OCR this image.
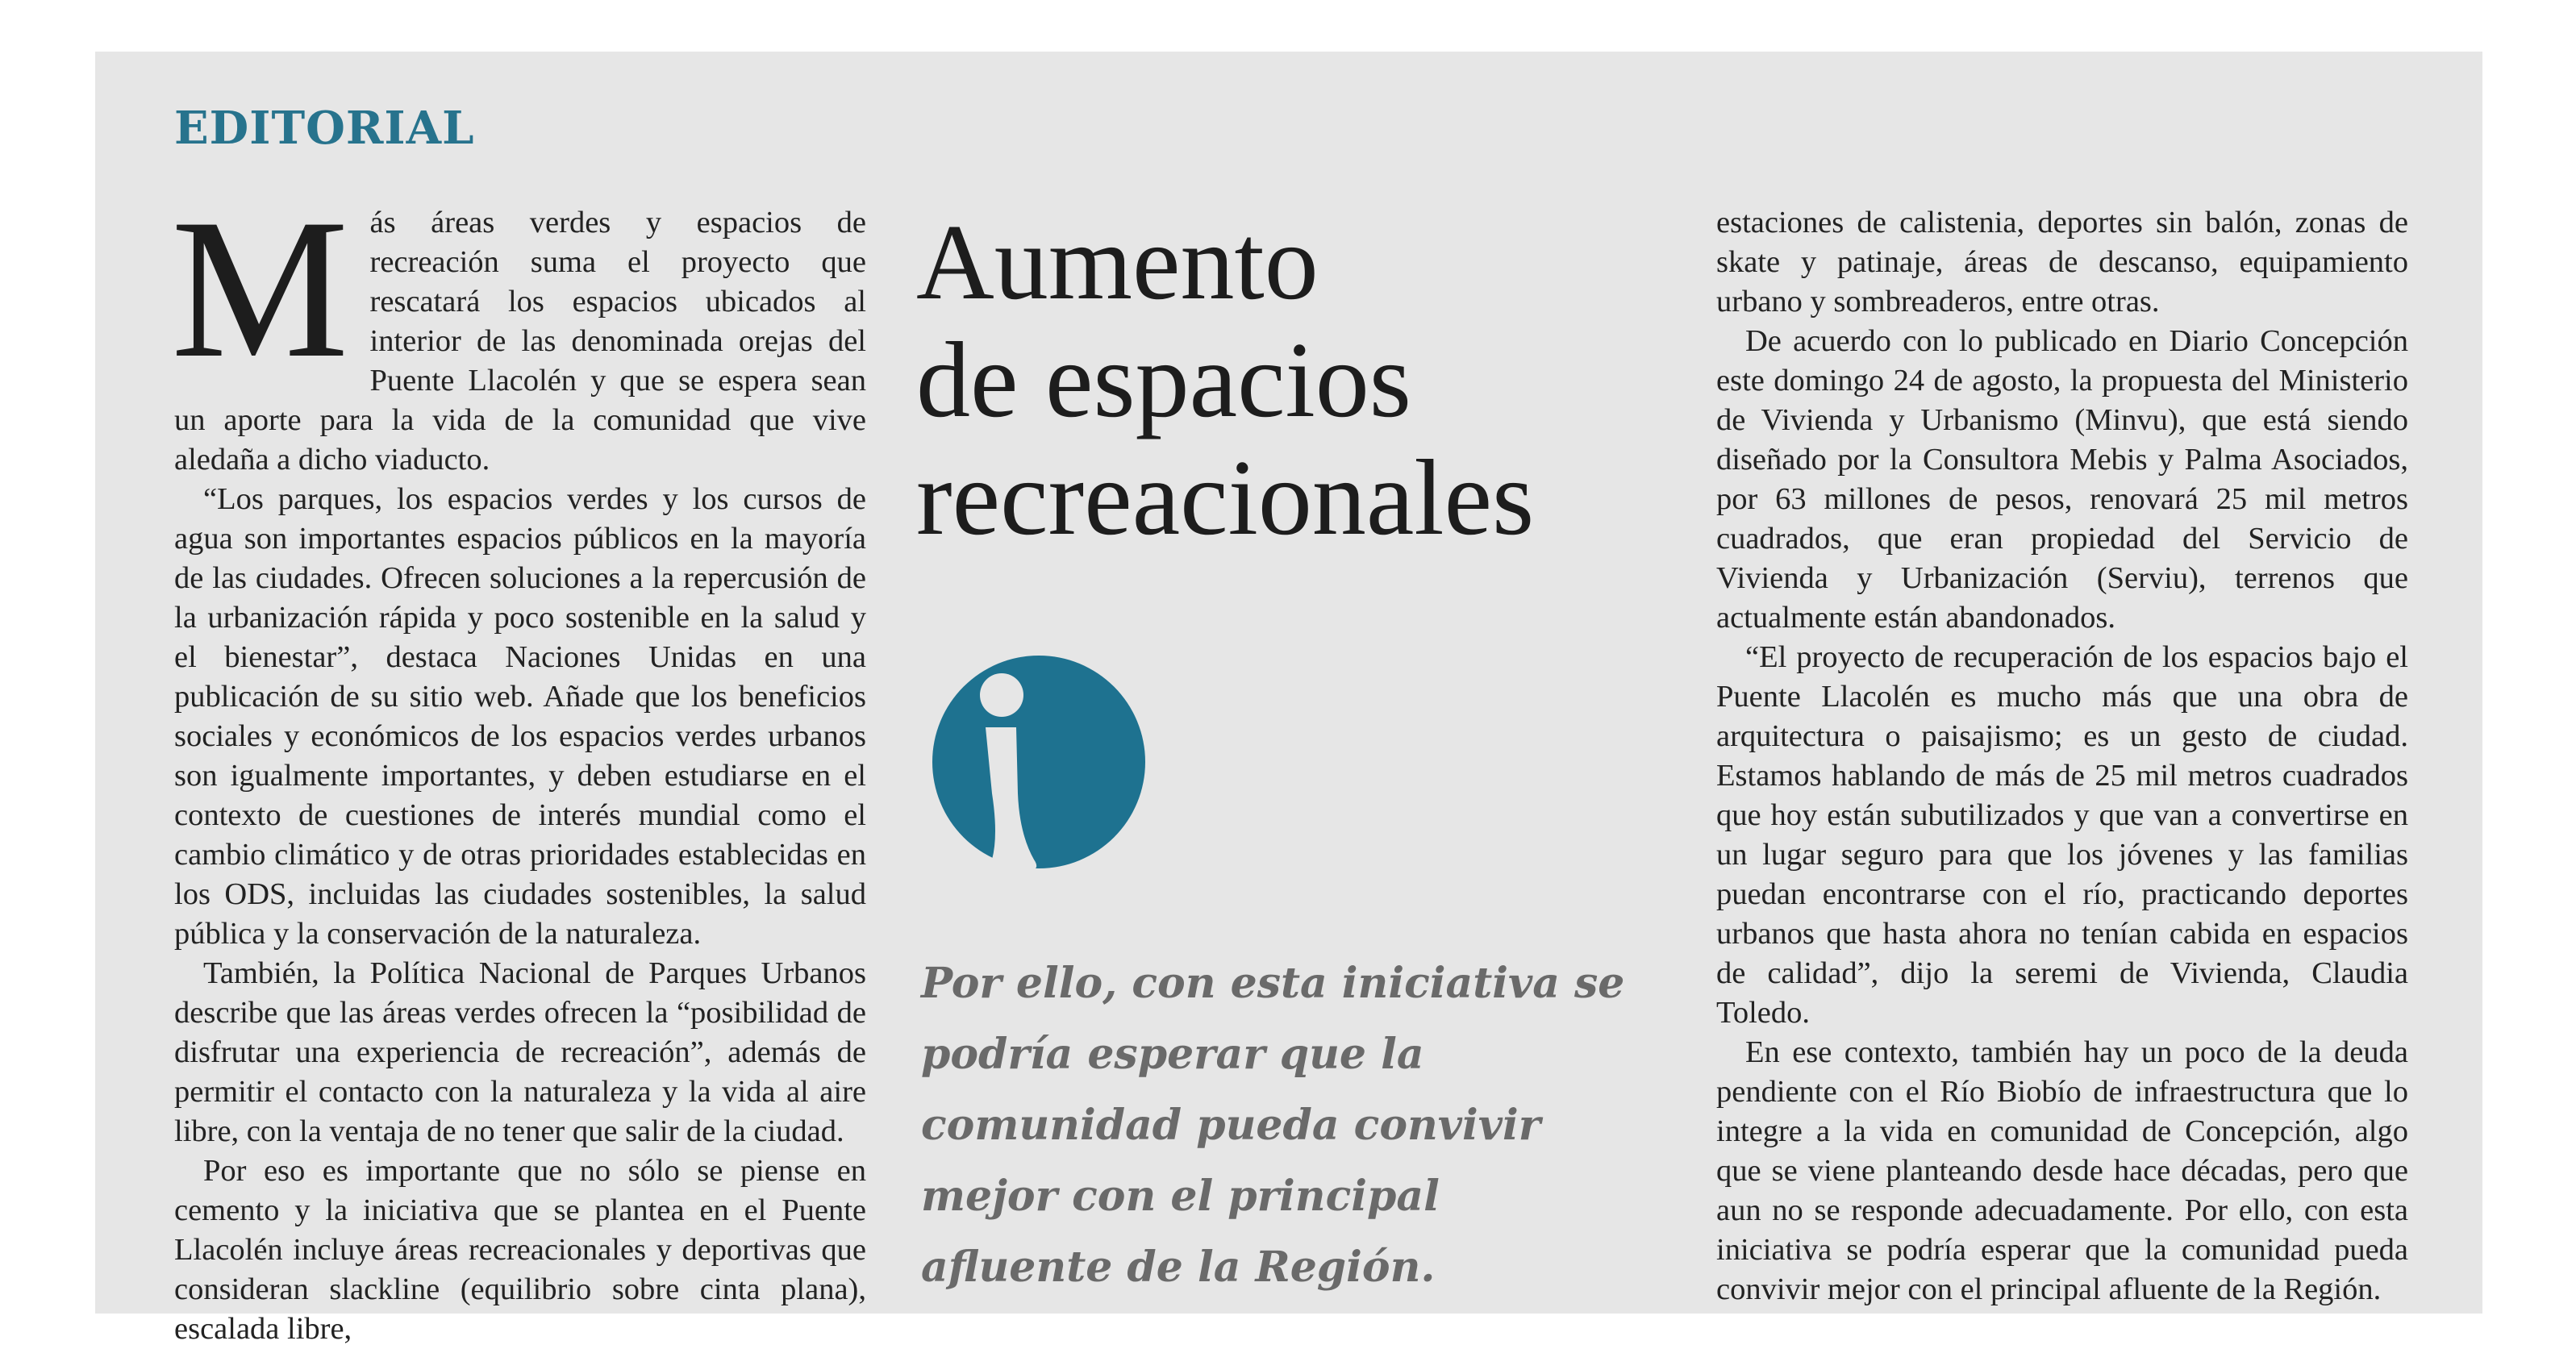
EDITORIAL

Más áreas verdes y espacios de recreación suma el proyecto que rescatará los espacios ubicados al interior de las denominada orejas del Puente Llacolén y que se espera sean un aporte para la vida de la comunidad que vive aledaña a dicho viaducto.

“Los parques, los espacios verdes y los cursos de agua son importantes espacios públicos en la mayoría de las ciudades. Ofrecen soluciones a la repercusión de la urbanización rápida y poco sostenible en la salud y el bienestar”, destaca Naciones Unidas en una publicación de su sitio web. Añade que los beneficios sociales y económicos de los espacios verdes urbanos son igualmente importantes, y deben estudiarse en el contexto de cuestiones de interés mundial como el cambio climático y de otras prioridades establecidas en los ODS, incluidas las ciudades sostenibles, la salud pública y la conservación de la naturaleza.

También, la Política Nacional de Parques Urbanos describe que las áreas verdes ofrecen la “posibilidad de disfrutar una experiencia de recreación”, además de permitir el contacto con la naturaleza y la vida al aire libre, con la ventaja de no tener que salir de la ciudad.

Por eso es importante que no sólo se piense en cemento y la iniciativa que se plantea en el Puente Llacolén incluye áreas recreacionales y deportivas que consideran slackline (equilibrio sobre cinta plana), escalada libre,

Aumento
de espacios
recreacionales

Por ello, con esta iniciativa se podría esperar que la comunidad pueda convivir mejor con el principal afluente de la Región.

estaciones de calistenia, deportes sin balón, zonas de skate y patinaje, áreas de descanso, equipamiento urbano y sombreaderos, entre otras.

De acuerdo con lo publicado en Diario Concepción este domingo 24 de agosto, la propuesta del Ministerio de Vivienda y Urbanismo (Minvu), que está siendo diseñado por la Consultora Mebis y Palma Asociados, por 63 millones de pesos, renovará 25 mil metros cuadrados, que eran propiedad del Servicio de Vivienda y Urbanización (Serviu), terrenos que actualmente están abandonados.

“El proyecto de recuperación de los espacios bajo el Puente Llacolén es mucho más que una obra de arquitectura o paisajismo; es un gesto de ciudad. Estamos hablando de más de 25 mil metros cuadrados que hoy están subutilizados y que van a convertirse en un lugar seguro para que los jóvenes y las familias puedan encontrarse con el río, practicando deportes urbanos que hasta ahora no tenían cabida en espacios de calidad”, dijo la seremi de Vivienda, Claudia Toledo.

En ese contexto, también hay un poco de la deuda pendiente con el Río Biobío de infraestructura que lo integre a la vida en comunidad de Concepción, algo que se viene planteando desde hace décadas, pero que aun no se responde adecuadamente. Por ello, con esta iniciativa se podría esperar que la comunidad pueda convivir mejor con el principal afluente de la Región.
